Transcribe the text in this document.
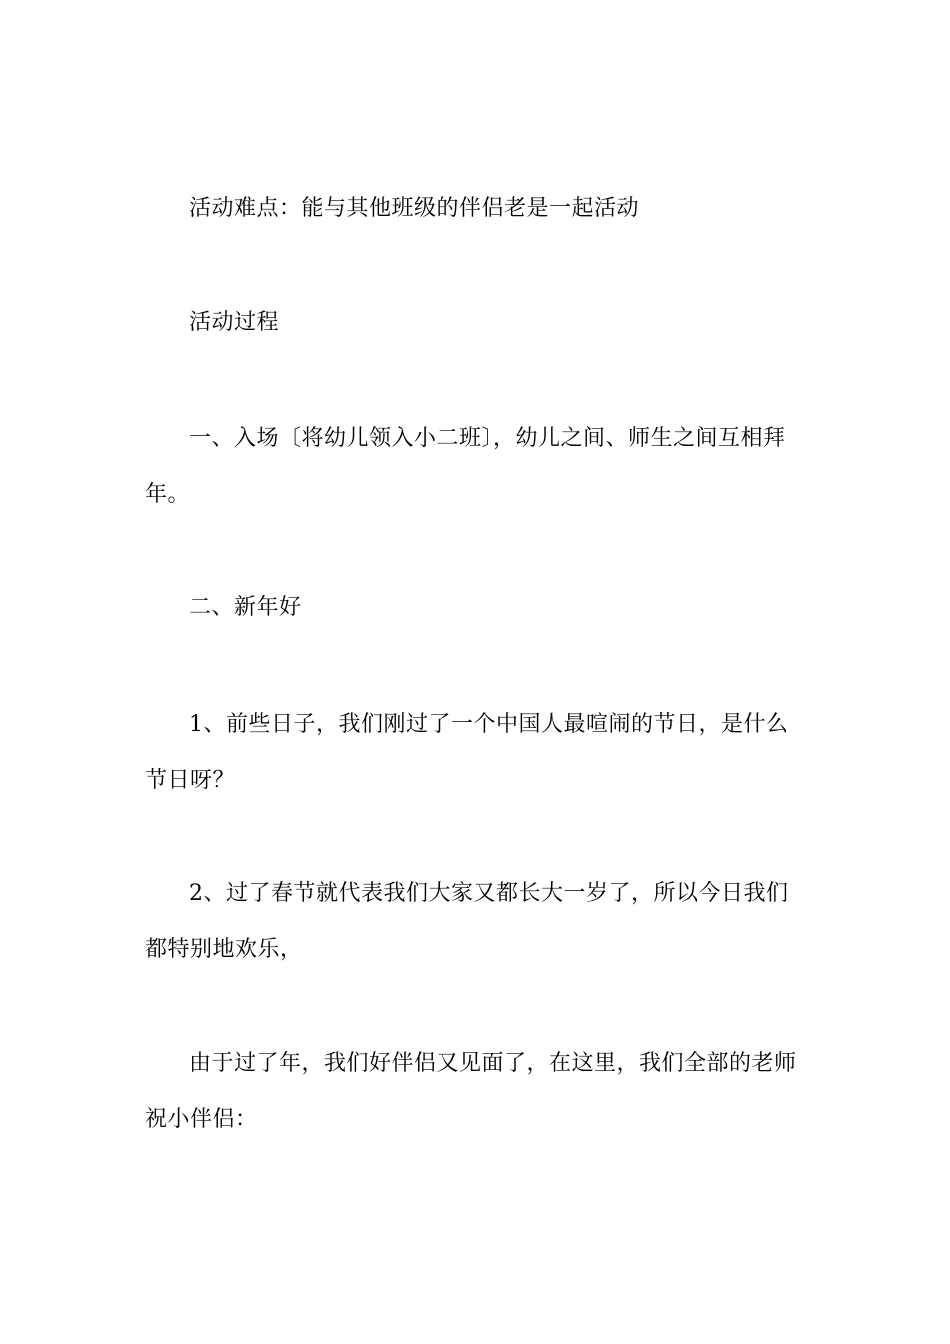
活动难点：能与其他班级的伴侣老是一起活动

活动过程

一、入场〔将幼儿领入小二班〕，幼儿之间、师生之间互相拜年。

二、新年好

1、前些日子，我们刚过了一个中国人最喧闹的节日，是什么节日呀？

2、过了春节就代表我们大家又都长大一岁了，所以今日我们都特别地欢乐，

由于过了年，我们好伴侣又见面了，在这里，我们全部的老师祝小伴侣：
